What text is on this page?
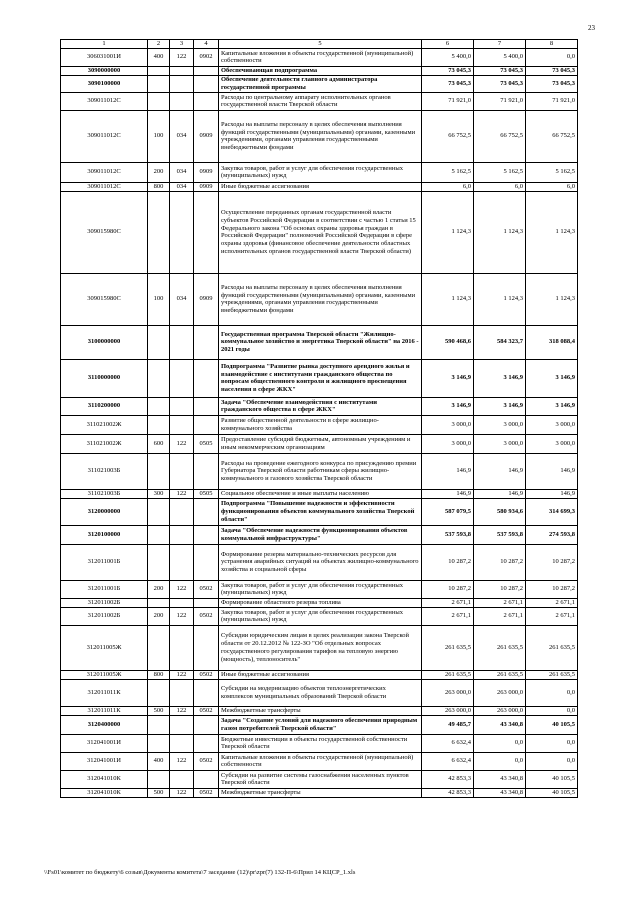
23
1	2	3	4	5	6	7	8
306031001И	400	122	0902	Капитальные вложения в объекты государственной (муниципальной) собственности	5 400,0	5 400,0	0,0
3090000000				Обеспечивающая подпрограмма	73 045,3	73 045,3	73 045,3
3090100000				Обеспечение деятельности главного администратора государственной программы	73 045,3	73 045,3	73 045,3
309011012С				Расходы по центральному аппарату исполнительных органов государственной власти Тверской области	71 921,0	71 921,0	71 921,0
309011012С	100	034	0909	Расходы на выплаты персоналу в целях обеспечения выполнения функций государственными (муниципальными) органами, казенными учреждениями, органами управления государственными внебюджетными фондами	66 752,5	66 752,5	66 752,5
309011012С	200	034	0909	Закупка товаров, работ и услуг для обеспечения государственных (муниципальных) нужд	5 162,5	5 162,5	5 162,5
309011012С	800	034	0909	Иные бюджетные ассигнования	6,0	6,0	6,0
309015980С				Осуществление переданных органам государственной власти субъектов Российской Федерации в соответствии с частью 1 статьи 15 Федерального закона "Об основах охраны здоровья граждан в Российской Федерации" полномочий Российской Федерации в сфере охраны здоровья (финансовое обеспечение деятельности областных исполнительных органов государственной власти Тверской области)	1 124,3	1 124,3	1 124,3
309015980С	100	034	0909	Расходы на выплаты персоналу в целях обеспечения выполнения функций государственными (муниципальными) органами, казенными учреждениями, органами управления государственными внебюджетными фондами	1 124,3	1 124,3	1 124,3
3100000000				Государственная программа Тверской области "Жилищно-коммунальное хозяйство и энергетика Тверской области" на 2016 - 2021 годы	590 468,6	584 323,7	318 088,4
3110000000				Подпрограмма "Развитие рынка доступного арендного жилья и взаимодействие с институтами гражданского общества по вопросам общественного контроля и жилищного просвещения населения в сфере ЖКХ"	3 146,9	3 146,9	3 146,9
3110200000				Задача "Обеспечение взаимодействия с институтами гражданского общества в сфере ЖКХ"	3 146,9	3 146,9	3 146,9
311021002Ж				Развитие общественной деятельности в сфере жилищно-коммунального хозяйства	3 000,0	3 000,0	3 000,0
311021002Ж	600	122	0505	Предоставление субсидий бюджетным, автономным учреждениям и иным некоммерческим организациям	3 000,0	3 000,0	3 000,0
311021003Б				Расходы на проведение ежегодного конкурса по присуждению премии Губернатора Тверской области работникам сферы жилищно-коммунального и газового хозяйства Тверской области	146,9	146,9	146,9
311021003Б	300	122	0505	Социальное обеспечение и иные выплаты населению	146,9	146,9	146,9
3120000000				Подпрограмма "Повышение надежности и эффективности функционирования объектов коммунального хозяйства Тверской области"	587 079,5	580 934,6	314 699,3
3120100000				Задача "Обеспечение надежности функционирования объектов коммунальной инфраструктуры"	537 593,8	537 593,8	274 593,8
312011001Б				Формирование резерва материально-технических ресурсов для устранения аварийных ситуаций на объектах жилищно-коммунального хозяйства и социальной сферы	10 287,2	10 287,2	10 287,2
312011001Б	200	122	0502	Закупка товаров, работ и услуг для обеспечения государственных (муниципальных) нужд	10 287,2	10 287,2	10 287,2
312011002Б				Формирование областного резерва топлива	2 671,1	2 671,1	2 671,1
312011002Б	200	122	0502	Закупка товаров, работ и услуг для обеспечения государственных (муниципальных) нужд	2 671,1	2 671,1	2 671,1
312011005Ж				Субсидии юридическим лицам в целях реализации закона Тверской области от 20.12.2012 № 122-ЗО "Об отдельных вопросах государственного регулирования тарифов на тепловую энергию (мощность), теплоноситель"	261 635,5	261 635,5	261 635,5
312011005Ж	800	122	0502	Иные бюджетные ассигнования	261 635,5	261 635,5	261 635,5
312011011К				Субсидии на модернизацию объектов теплоэнергетических комплексов муниципальных образований Тверской области	263 000,0	263 000,0	0,0
312011011К	500	122	0502	Межбюджетные трансферты	263 000,0	263 000,0	0,0
3120400000				Задача "Создание условий для надежного обеспечения природным газом потребителей Тверской области"	49 485,7	43 340,8	40 105,5
312041001И				Бюджетные инвестиции в объекты государственной собственности Тверской области	6 632,4	0,0	0,0
312041001И	400	122	0502	Капитальные вложения в объекты государственной (муниципальной) собственности	6 632,4	0,0	0,0
312041010К				Субсидии на развитие системы газоснабжения населенных пунктов Тверской области	42 853,3	43 340,8	40 105,5
312041010К	500	122	0502	Межбюджетные трансферты	42 853,3	43 340,8	40 105,5
\\Fs01\комитет по бюджету\6 созыв\Документы комитета\7 заседание (12)\pr\zpr(7) 132-П-6\Прил 14 КЦСР_1.xls
